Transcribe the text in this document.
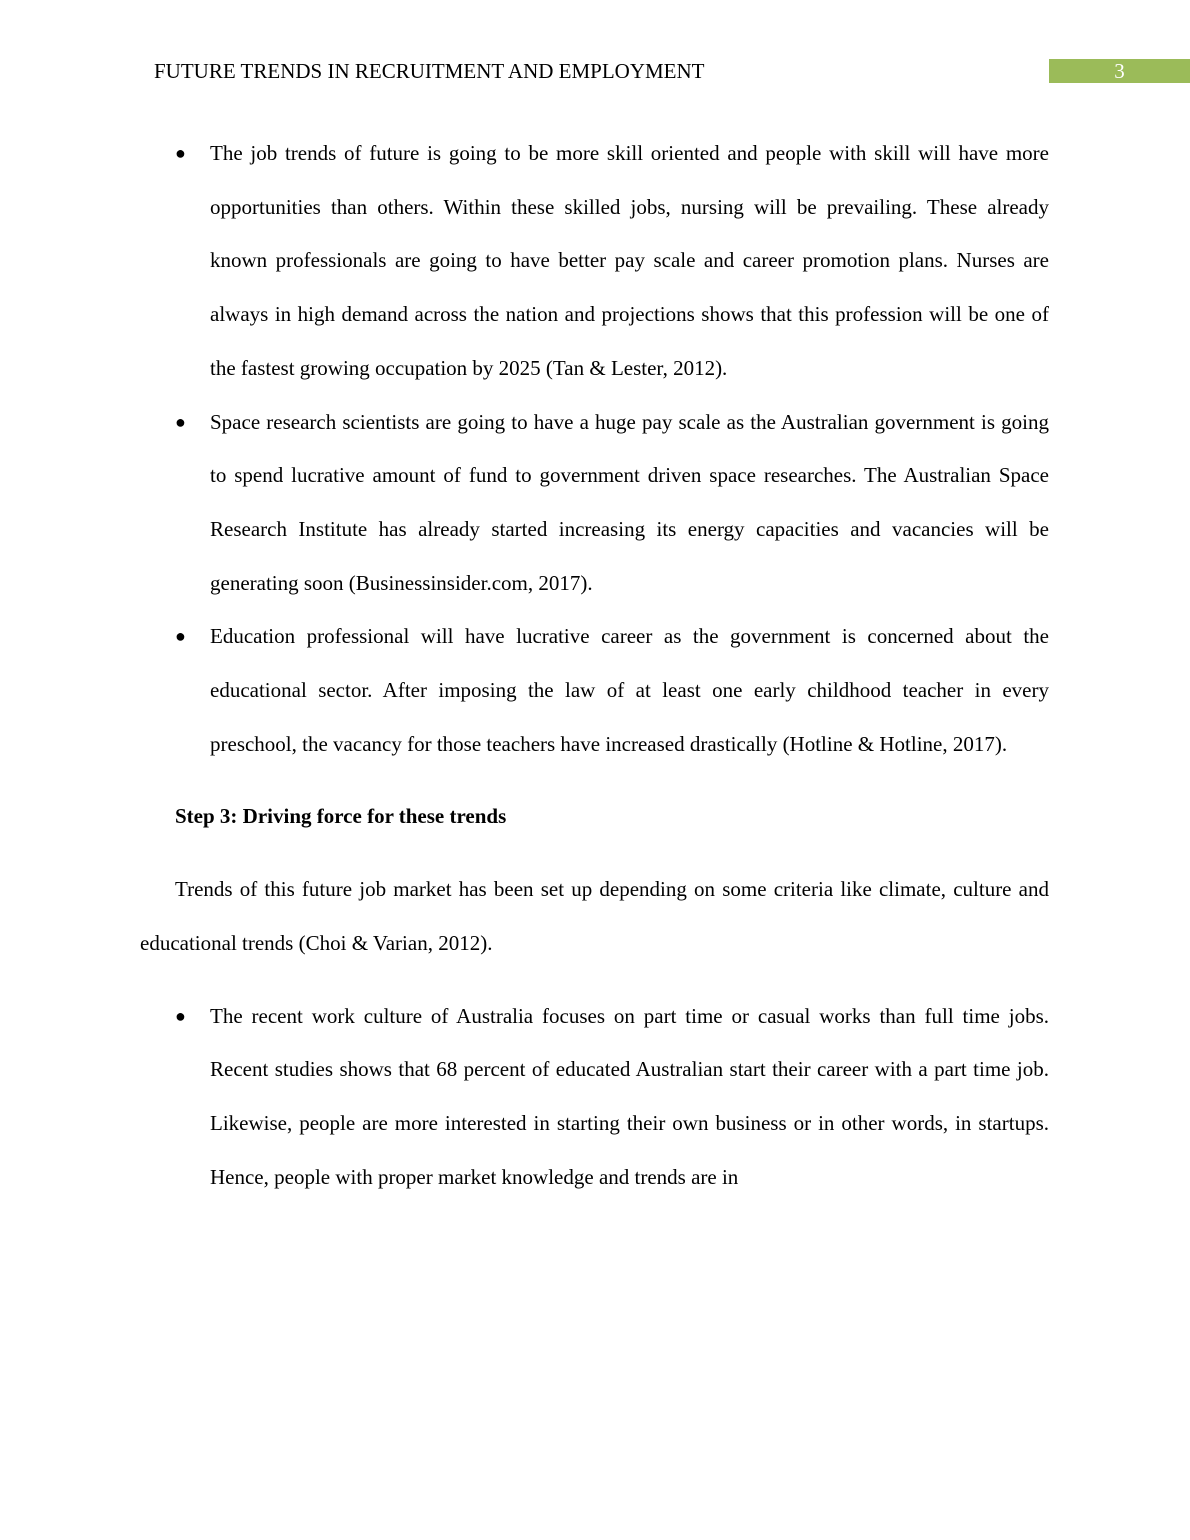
FUTURE TRENDS IN RECRUITMENT AND EMPLOYMENT	3
● The job trends of future is going to be more skill oriented and people with skill will have more opportunities than others. Within these skilled jobs, nursing will be prevailing. These already known professionals are going to have better pay scale and career promotion plans. Nurses are always in high demand across the nation and projections shows that this profession will be one of the fastest growing occupation by 2025 (Tan & Lester, 2012).
● Space research scientists are going to have a huge pay scale as the Australian government is going to spend lucrative amount of fund to government driven space researches. The Australian Space Research Institute has already started increasing its energy capacities and vacancies will be generating soon (Businessinsider.com, 2017).
● Education professional will have lucrative career as the government is concerned about the educational sector. After imposing the law of at least one early childhood teacher in every preschool, the vacancy for those teachers have increased drastically (Hotline & Hotline, 2017).
Step 3: Driving force for these trends

Trends of this future job market has been set up depending on some criteria like climate, culture and educational trends (Choi & Varian, 2012).

● The recent work culture of Australia focuses on part time or casual works than full time jobs. Recent studies shows that 68 percent of educated Australian start their career with a part time job. Likewise, people are more interested in starting their own business or in other words, in startups. Hence, people with proper market knowledge and trends are in
